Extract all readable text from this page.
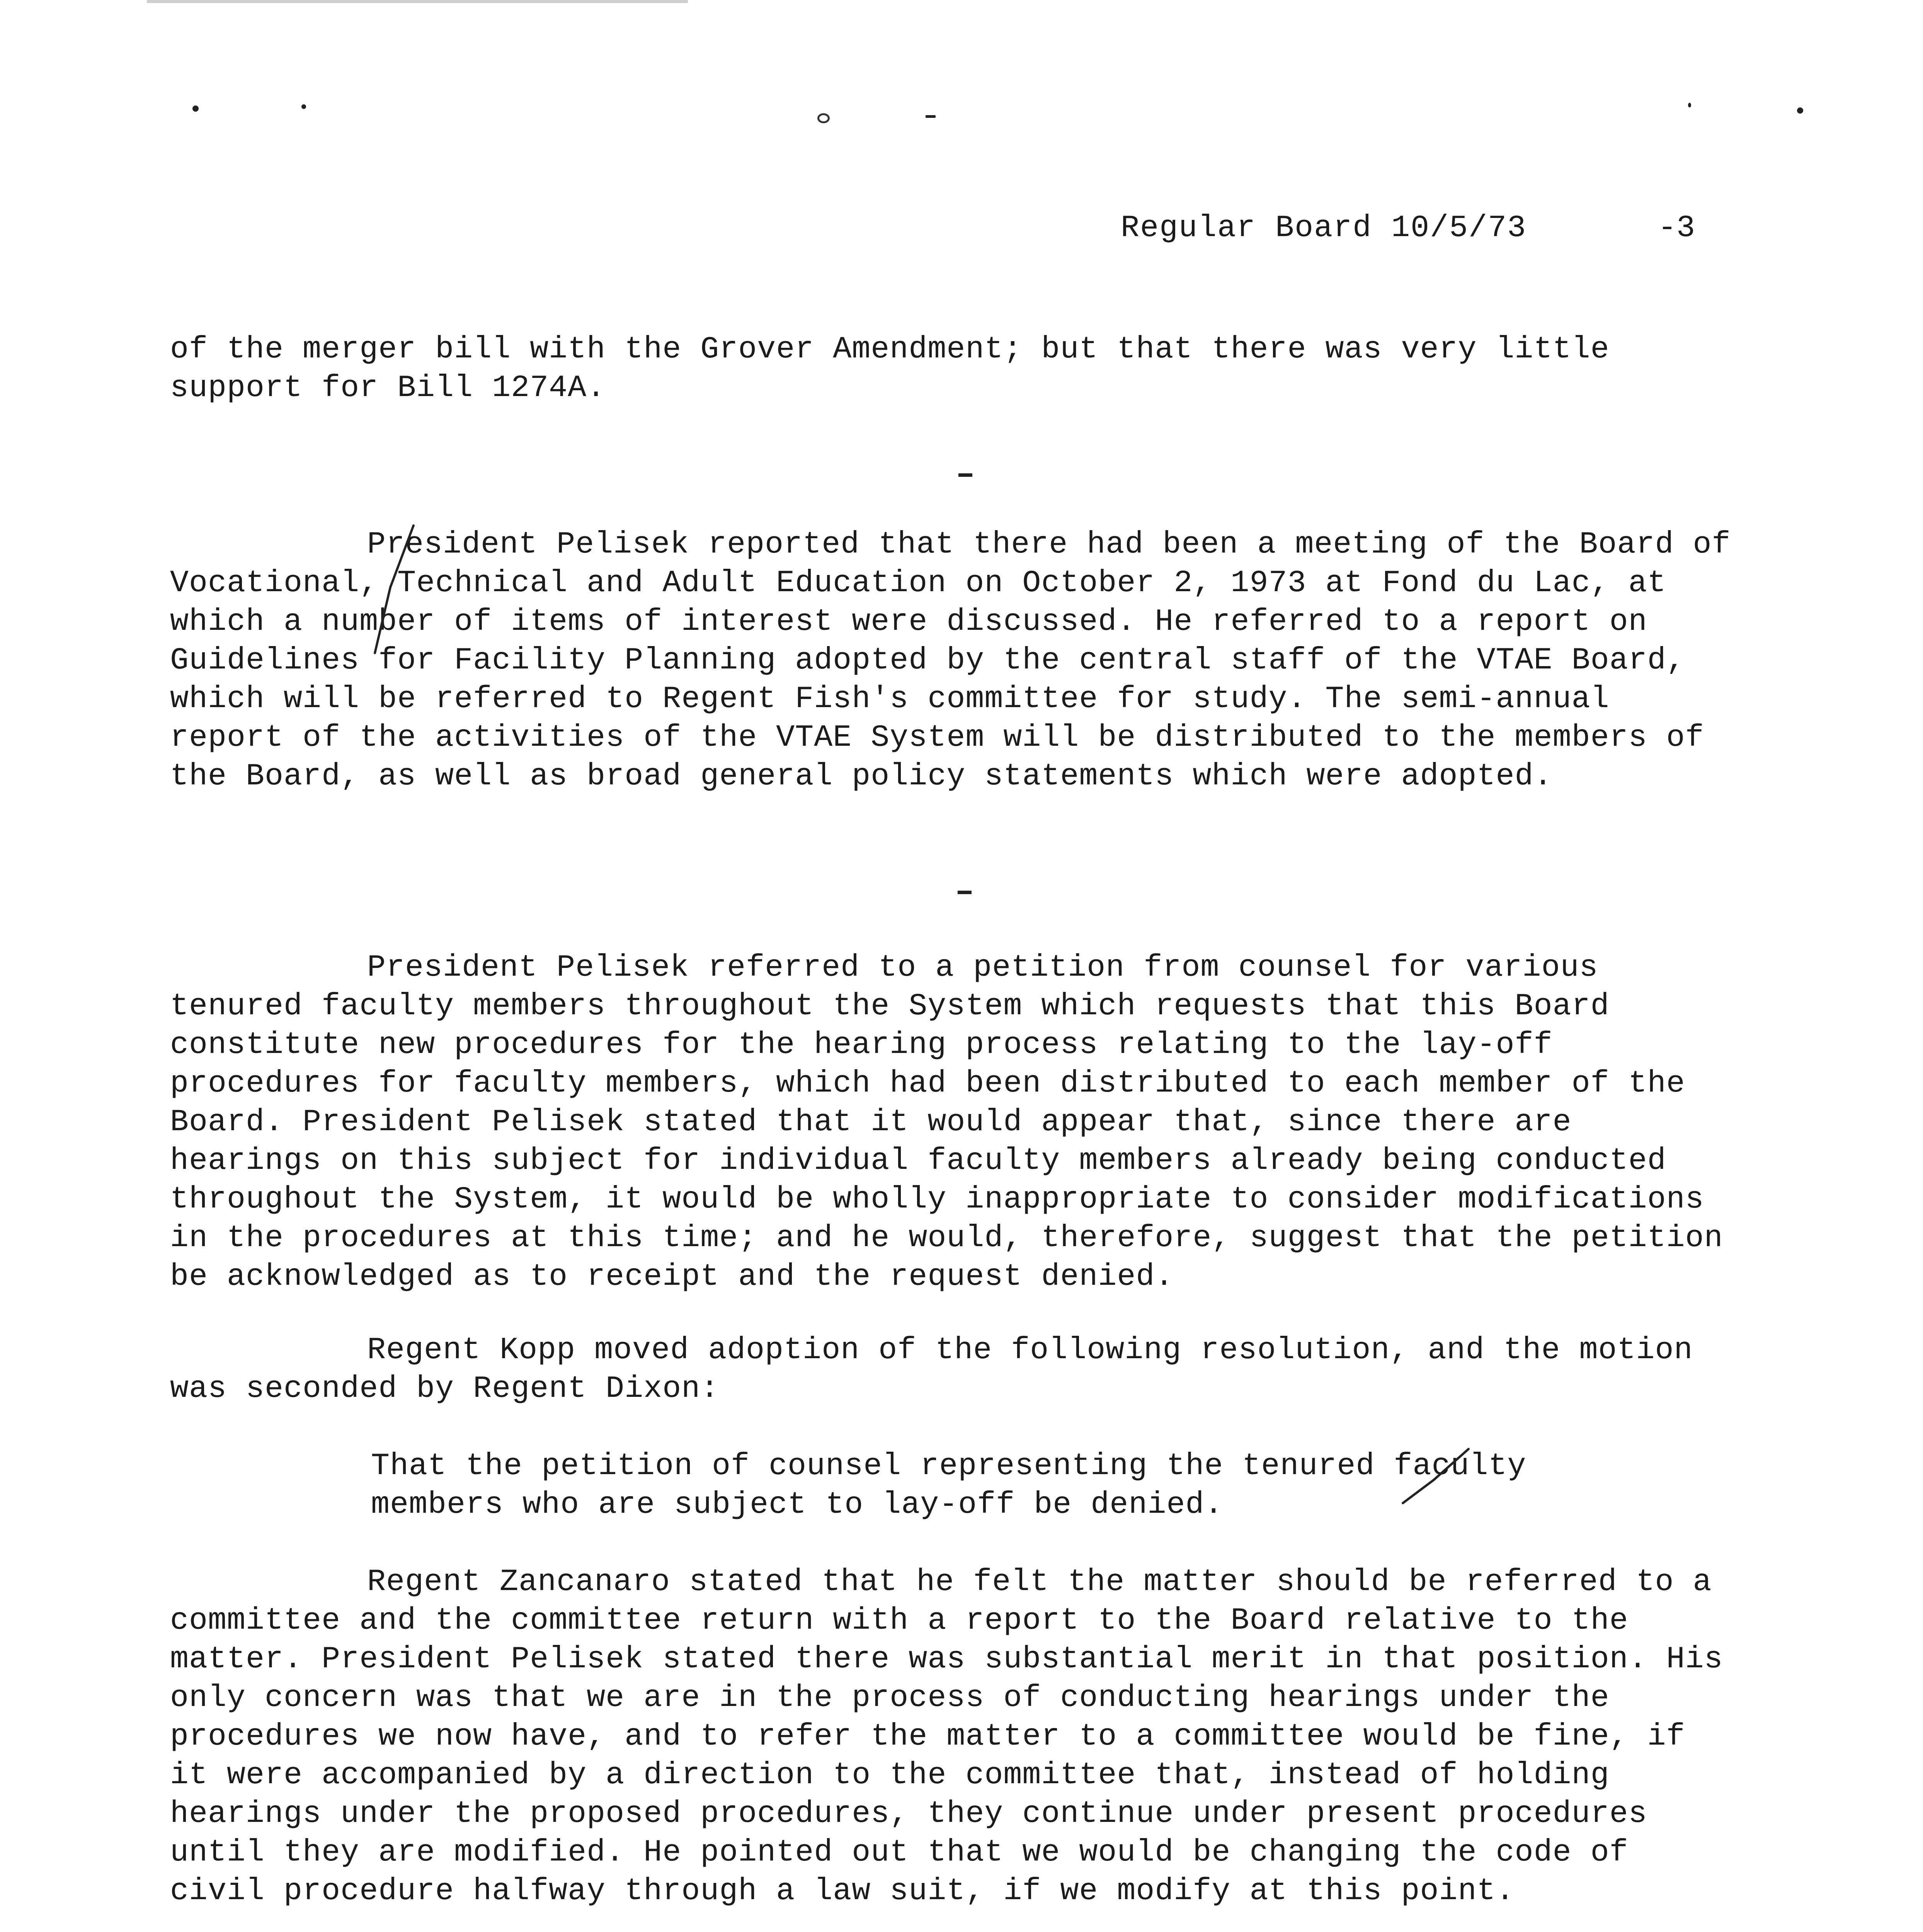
Regular Board 10/5/73	-3

of the merger bill with the Grover Amendment; but that there was very little support for Bill 1274A.

President Pelisek reported that there had been a meeting of the Board of Vocational, Technical and Adult Education on October 2, 1973 at Fond du Lac, at which a number of items of interest were discussed. He referred to a report on Guidelines for Facility Planning adopted by the central staff of the VTAE Board, which will be referred to Regent Fish's committee for study. The semi-annual report of the activities of the VTAE System will be distributed to the members of the Board, as well as broad general policy statements which were adopted.

President Pelisek referred to a petition from counsel for various tenured faculty members throughout the System which requests that this Board constitute new procedures for the hearing process relating to the lay-off procedures for faculty members, which had been distributed to each member of the Board. President Pelisek stated that it would appear that, since there are hearings on this subject for individual faculty members already being conducted throughout the System, it would be wholly inappropriate to consider modifications in the procedures at this time; and he would, therefore, suggest that the petition be acknowledged as to receipt and the request denied.

Regent Kopp moved adoption of the following resolution, and the motion was seconded by Regent Dixon:

That the petition of counsel representing the tenured faculty members who are subject to lay-off be denied.

Regent Zancanaro stated that he felt the matter should be referred to a committee and the committee return with a report to the Board relative to the matter. President Pelisek stated there was substantial merit in that position. His only concern was that we are in the process of conducting hearings under the procedures we now have, and to refer the matter to a committee would be fine, if it were accompanied by a direction to the committee that, instead of holding hearings under the proposed procedures, they continue under present procedures until they are modified. He pointed out that we would be changing the code of civil procedure halfway through a law suit, if we modify at this point.
